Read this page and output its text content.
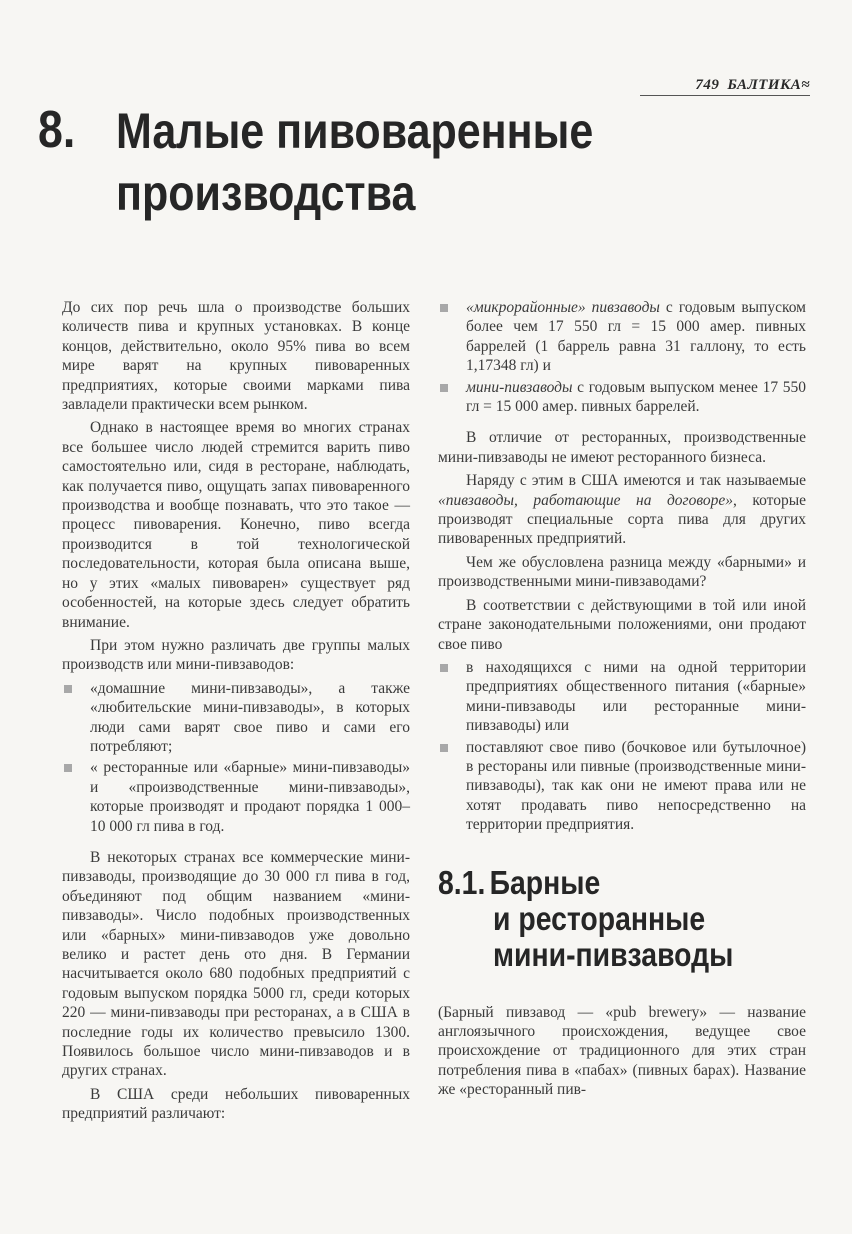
749 БАЛТИКА≈
8. Малые пивоваренные
производства

До сих пор речь шла о производстве больших количеств пива и крупных установках. В конце концов, действительно, около 95% пива во всем мире варят на крупных пивоваренных предприятиях, которые своими марками пива завладели практически всем рынком.

Однако в настоящее время во многих странах все большее число людей стремится варить пиво самостоятельно или, сидя в ресторане, наблюдать, как получается пиво, ощущать запах пивоваренного производства и вообще познавать, что это такое — процесс пивоварения. Конечно, пиво всегда производится в той технологической последовательности, которая была описана выше, но у этих «малых пивоварен» существует ряд особенностей, на которые здесь следует обратить внимание.

При этом нужно различать две группы малых производств или мини-пивзаводов:

«домашние мини-пивзаводы», а также «любительские мини-пивзаводы», в которых люди сами варят свое пиво и сами его потребляют;
« ресторанные или «барные» мини-пивзаводы» и «производственные мини-пивзаводы», которые производят и продают порядка 1 000–10 000 гл пива в год.

В некоторых странах все коммерческие мини-пивзаводы, производящие до 30 000 гл пива в год, объединяют под общим названием «мини-пивзаводы». Число подобных производственных или «барных» мини-пивзаводов уже довольно велико и растет день ото дня. В Германии насчитывается около 680 подобных предприятий с годовым выпуском порядка 5000 гл, среди которых 220 — мини-пивзаводы при ресторанах, а в США в последние годы их количество превысило 1300. Появилось большое число мини-пивзаводов и в других странах.

В США среди небольших пивоваренных предприятий различают:

«микрорайонные» пивзаводы с годовым выпуском более чем 17 550 гл = 15 000 амер. пивных баррелей (1 баррель равна 31 галлону, то есть 1,17348 гл) и
мини-пивзаводы с годовым выпуском менее 17 550 гл = 15 000 амер. пивных баррелей.

В отличие от ресторанных, производственные мини-пивзаводы не имеют ресторанного бизнеса.

Наряду с этим в США имеются и так называемые «пивзаводы, работающие на договоре», которые производят специальные сорта пива для других пивоваренных предприятий.

Чем же обусловлена разница между «барными» и производственными мини-пивзаводами?

В соответствии с действующими в той или иной стране законодательными положениями, они продают свое пиво

в находящихся с ними на одной территории предприятиях общественного питания («барные» мини-пивзаводы или ресторанные мини-пивзаводы) или
поставляют свое пиво (бочковое или бутылочное) в рестораны или пивные (производственные мини-пивзаводы), так как они не имеют права или не хотят продавать пиво непосредственно на территории предприятия.
8.1. Барные
и ресторанные
мини-пивзаводы

(Барный пивзавод — «pub brewery» — название англоязычного происхождения, ведущее свое происхождение от традиционного для этих стран потребления пива в «пабах» (пивных барах). Название же «ресторанный пив-
